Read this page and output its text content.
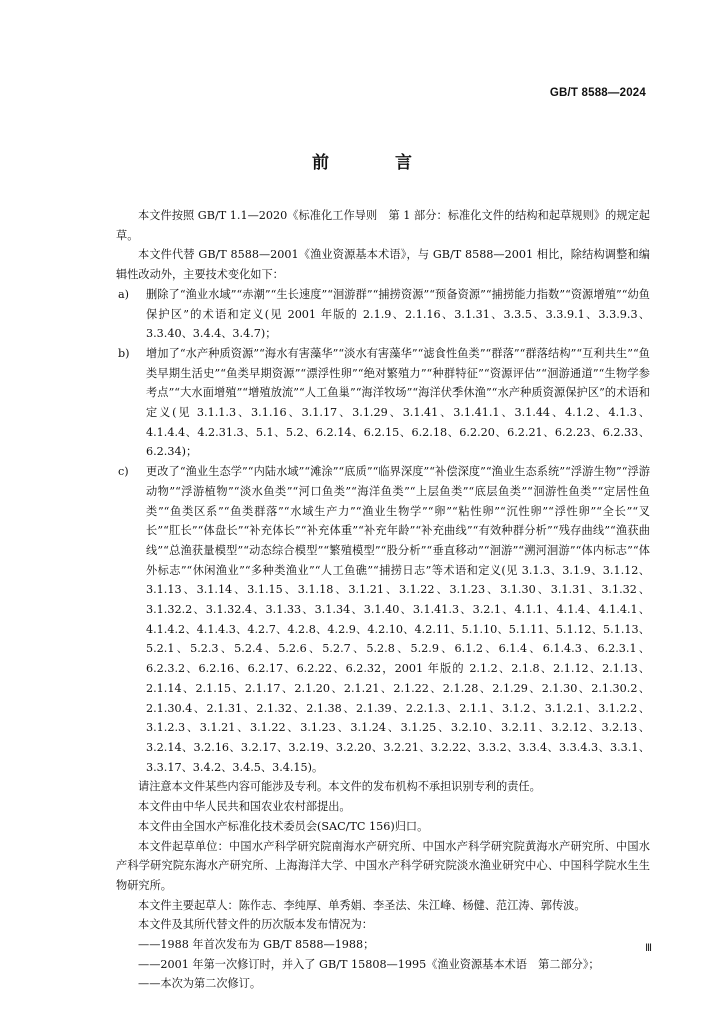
GB/T 8588—2024
前 言

本文件按照 GB/T 1.1—2020《标准化工作导则　第 1 部分：标准化文件的结构和起草规则》的规定起草。

本文件代替 GB/T 8588—2001《渔业资源基本术语》，与 GB/T 8588—2001 相比，除结构调整和编辑性改动外，主要技术变化如下：

a)	删除了“渔业水域”“赤潮”“生长速度”“洄游群”“捕捞资源”“预备资源”“捕捞能力指数”“资源增殖”“幼鱼保护区”的术语和定义(见 2001 年版的 2.1.9、2.1.16、3.1.31、3.3.5、3.3.9.1、3.3.9.3、3.3.40、3.4.4、3.4.7)；
b)	增加了“水产种质资源”“海水有害藻华”“淡水有害藻华”“滤食性鱼类”“群落”“群落结构”“互利共生”“鱼类早期生活史”“鱼类早期资源”“漂浮性卵”“绝对繁殖力”“种群特征”“资源评估”“洄游通道”“生物学参考点”“大水面增殖”“增殖放流”“人工鱼巢”“海洋牧场”“海洋伏季休渔”“水产种质资源保护区”的术语和定义(见 3.1.1.3、3.1.16、3.1.17、3.1.29、3.1.41、3.1.41.1、3.1.44、4.1.2、4.1.3、4.1.4.4、4.2.31.3、5.1、5.2、6.2.14、6.2.15、6.2.18、6.2.20、6.2.21、6.2.23、6.2.33、6.2.34)；
c)	更改了“渔业生态学”“内陆水域”“滩涂”“底质”“临界深度”“补偿深度”“渔业生态系统”“浮游生物”“浮游动物”“浮游植物”“淡水鱼类”“河口鱼类”“海洋鱼类”“上层鱼类”“底层鱼类”“洄游性鱼类”“定居性鱼类”“鱼类区系”“鱼类群落”“水域生产力”“渔业生物学”“卵”“粘性卵”“沉性卵”“浮性卵”“全长”“叉长”“肛长”“体盘长”“补充体长”“补充体重”“补充年龄”“补充曲线”“有效种群分析”“残存曲线”“渔获曲线”“总渔获量模型”“动态综合模型”“繁殖模型”“股分析”“垂直移动”“洄游”“溯河洄游”“体内标志”“体外标志”“休闲渔业”“多种类渔业”“人工鱼礁”“捕捞日志”等术语和定义(见 3.1.3、3.1.9、3.1.12、3.1.13、3.1.14、3.1.15、3.1.18、3.1.21、3.1.22、3.1.23、3.1.30、3.1.31、3.1.32、3.1.32.2、3.1.32.4、3.1.33、3.1.34、3.1.40、3.1.41.3、3.2.1、4.1.1、4.1.4、4.1.4.1、4.1.4.2、4.1.4.3、4.2.7、4.2.8、4.2.9、4.2.10、4.2.11、5.1.10、5.1.11、5.1.12、5.1.13、5.2.1、5.2.3、5.2.4、5.2.6、5.2.7、5.2.8、5.2.9、6.1.2、6.1.4、6.1.4.3、6.2.3.1、6.2.3.2、6.2.16、6.2.17、6.2.22、6.2.32，2001 年版的 2.1.2、2.1.8、2.1.12、2.1.13、2.1.14、2.1.15、2.1.17、2.1.20、2.1.21、2.1.22、2.1.28、2.1.29、2.1.30、2.1.30.2、2.1.30.4、2.1.31、2.1.32、2.1.38、2.1.39、2.2.1.3、2.1.1、3.1.2、3.1.2.1、3.1.2.2、3.1.2.3、3.1.21、3.1.22、3.1.23、3.1.24、3.1.25、3.2.10、3.2.11、3.2.12、3.2.13、3.2.14、3.2.16、3.2.17、3.2.19、3.2.20、3.2.21、3.2.22、3.3.2、3.3.4、3.3.4.3、3.3.1、3.3.17、3.4.2、3.4.5、3.4.15)。

请注意本文件某些内容可能涉及专利。本文件的发布机构不承担识别专利的责任。

本文件由中华人民共和国农业农村部提出。

本文件由全国水产标准化技术委员会(SAC/TC 156)归口。

本文件起草单位：中国水产科学研究院南海水产研究所、中国水产科学研究院黄海水产研究所、中国水产科学研究院东海水产研究所、上海海洋大学、中国水产科学研究院淡水渔业研究中心、中国科学院水生生物研究所。

本文件主要起草人：陈作志、李纯厚、单秀娟、李圣法、朱江峰、杨健、范江涛、郭传波。

本文件及其所代替文件的历次版本发布情况为：

——1988 年首次发布为 GB/T 8588—1988；

——2001 年第一次修订时，并入了 GB/T 15808—1995《渔业资源基本术语　第二部分》；

——本次为第二次修订。

Ⅲ
